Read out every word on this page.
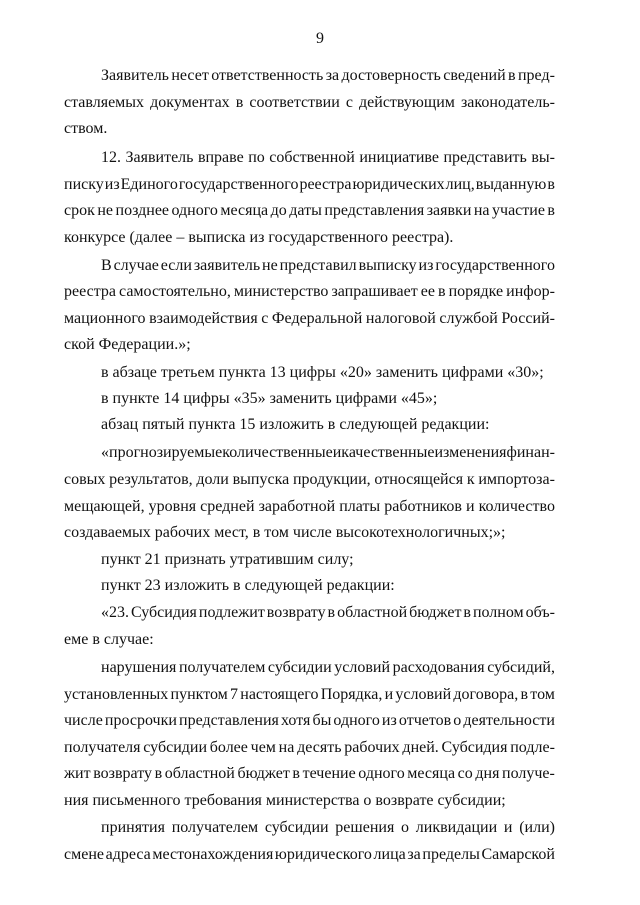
9
Заявитель несет ответственность за достоверность сведений в пред-
ставляемых документах в соответствии с действующим законодатель-
ством.
12. Заявитель вправе по собственной инициативе представить вы-
писку из Единого государственного реестра юридических лиц, выданную в
срок не позднее одного месяца до даты представления заявки на участие в
конкурсе (далее – выписка из государственного реестра).
В случае если заявитель не представил выписку из государственного
реестра самостоятельно, министерство запрашивает ее в порядке инфор-
мационного взаимодействия с Федеральной налоговой службой Россий-
ской Федерации.»;
в абзаце третьем пункта 13 цифры «20» заменить цифрами «30»;
в пункте 14 цифры «35» заменить цифрами «45»;
абзац пятый пункта 15 изложить в следующей редакции:
«прогнозируемые количественные и качественные изменения финан-
совых результатов, доли выпуска продукции, относящейся к импортоза-
мещающей, уровня средней заработной платы работников и количество
создаваемых рабочих мест, в том числе высокотехнологичных;»;
пункт 21 признать утратившим силу;
пункт 23 изложить в следующей редакции:
«23. Субсидия подлежит возврату в областной бюджет в полном объ-
еме в случае:
нарушения получателем субсидии условий расходования субсидий,
установленных пунктом 7 настоящего Порядка, и условий договора, в том
числе просрочки представления хотя бы одного из отчетов о деятельности
получателя субсидии более чем на десять рабочих дней. Субсидия подле-
жит возврату в областной бюджет в течение одного месяца со дня получе-
ния письменного требования министерства о возврате субсидии;
принятия получателем субсидии решения о ликвидации и (или)
смене адреса местонахождения юридического лица за пределы Самарской
